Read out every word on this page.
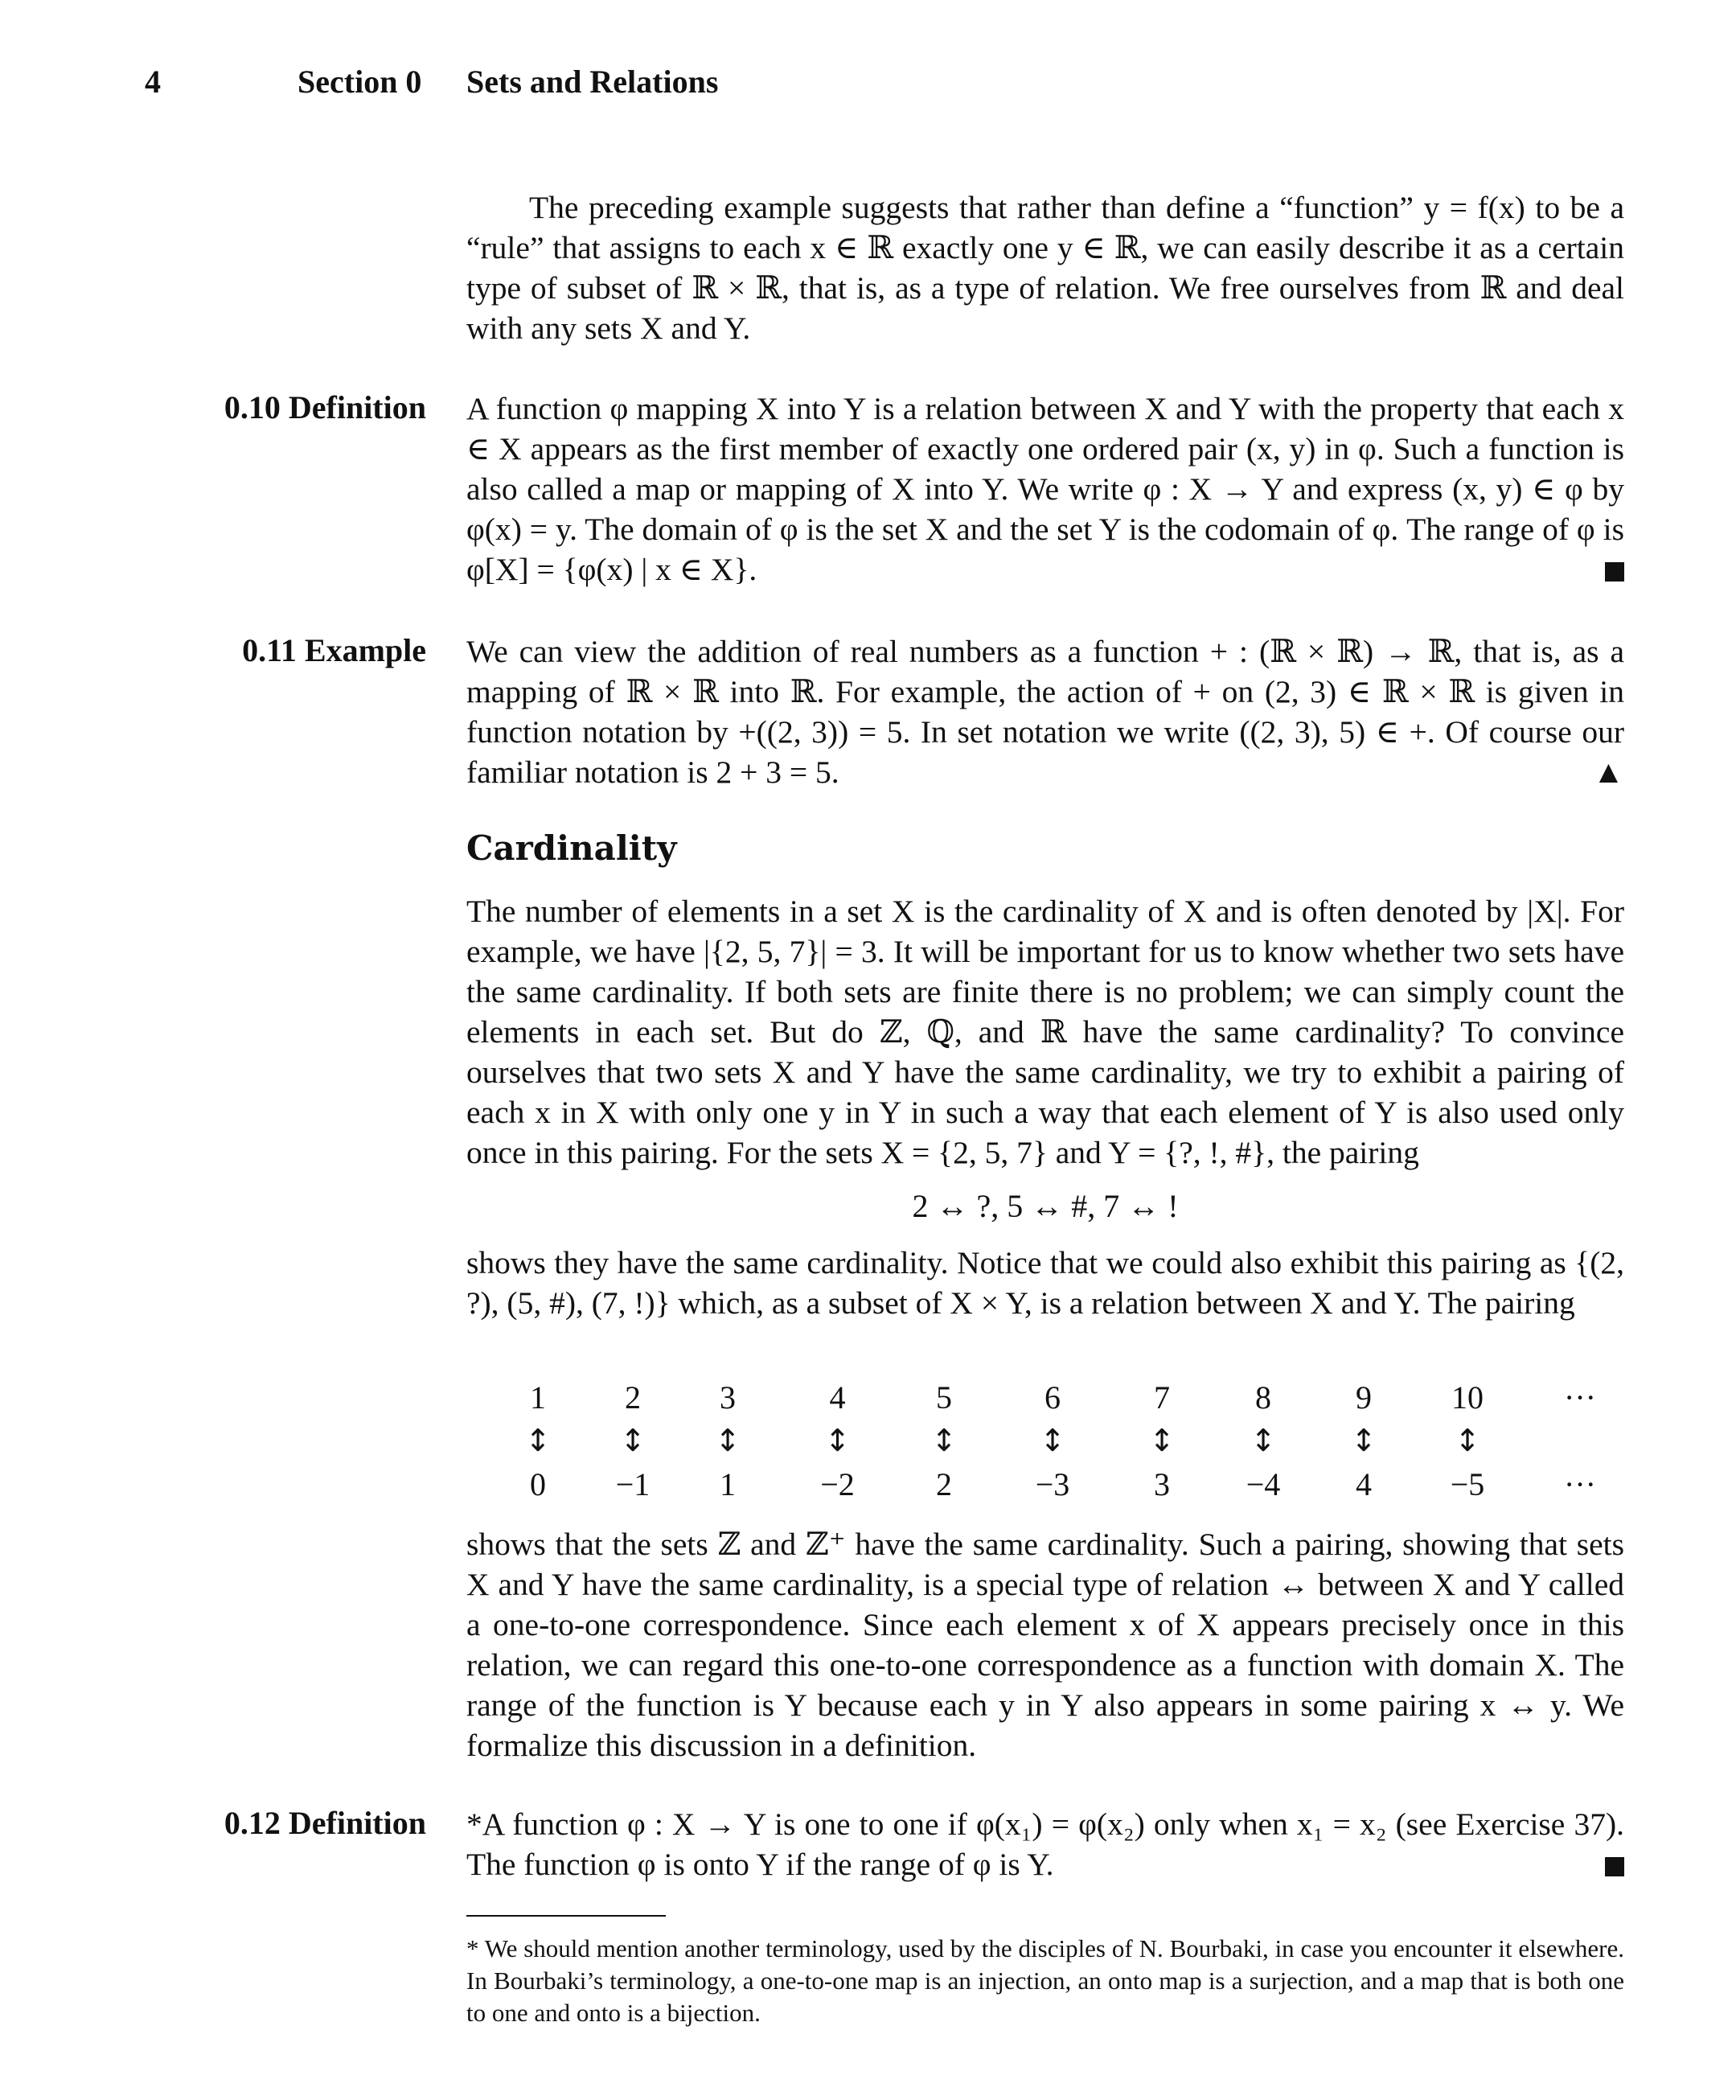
4	Section 0 Sets and Relations

The preceding example suggests that rather than define a “function” y = f(x) to be a “rule” that assigns to each x ∈ ℝ exactly one y ∈ ℝ, we can easily describe it as a certain type of subset of ℝ × ℝ, that is, as a type of relation. We free ourselves from ℝ and deal with any sets X and Y.

0.10 Definition A function φ mapping X into Y is a relation between X and Y with the property that each x ∈ X appears as the first member of exactly one ordered pair (x, y) in φ. Such a function is also called a map or mapping of X into Y. We write φ : X → Y and express (x, y) ∈ φ by φ(x) = y. The domain of φ is the set X and the set Y is the codomain of φ. The range of φ is φ[X] = {φ(x) | x ∈ X}.

0.11 Example We can view the addition of real numbers as a function + : (ℝ × ℝ) → ℝ, that is, as a mapping of ℝ × ℝ into ℝ. For example, the action of + on (2, 3) ∈ ℝ × ℝ is given in function notation by +((2, 3)) = 5. In set notation we write ((2, 3), 5) ∈ +. Of course our familiar notation is 2 + 3 = 5.	▲

Cardinality

The number of elements in a set X is the cardinality of X and is often denoted by |X|. For example, we have |{2, 5, 7}| = 3. It will be important for us to know whether two sets have the same cardinality. If both sets are finite there is no problem; we can simply count the elements in each set. But do ℤ, ℚ, and ℝ have the same cardinality? To convince ourselves that two sets X and Y have the same cardinality, we try to exhibit a pairing of each x in X with only one y in Y in such a way that each element of Y is also used only once in this pairing. For the sets X = {2, 5, 7} and Y = {?, !, #}, the pairing

2 ↔ ?, 5 ↔ #, 7 ↔ !

shows they have the same cardinality. Notice that we could also exhibit this pairing as {(2, ?), (5, #), (7, !)} which, as a subset of X × Y, is a relation between X and Y. The pairing

1	2	3	4	5	6	7	8	9	10	···
↕	↕	↕	↕	↕	↕	↕	↕	↕	↕	
0	−1	1	−2	2	−3	3	−4	4	−5	···

shows that the sets ℤ and ℤ⁺ have the same cardinality. Such a pairing, showing that sets X and Y have the same cardinality, is a special type of relation ↔ between X and Y called a one-to-one correspondence. Since each element x of X appears precisely once in this relation, we can regard this one-to-one correspondence as a function with domain X. The range of the function is Y because each y in Y also appears in some pairing x ↔ y. We formalize this discussion in a definition.

0.12 Definition *A function φ : X → Y is one to one if φ(x₁) = φ(x₂) only when x₁ = x₂ (see Exercise 37). The function φ is onto Y if the range of φ is Y.

* We should mention another terminology, used by the disciples of N. Bourbaki, in case you encounter it elsewhere. In Bourbaki’s terminology, a one-to-one map is an injection, an onto map is a surjection, and a map that is both one to one and onto is a bijection.
